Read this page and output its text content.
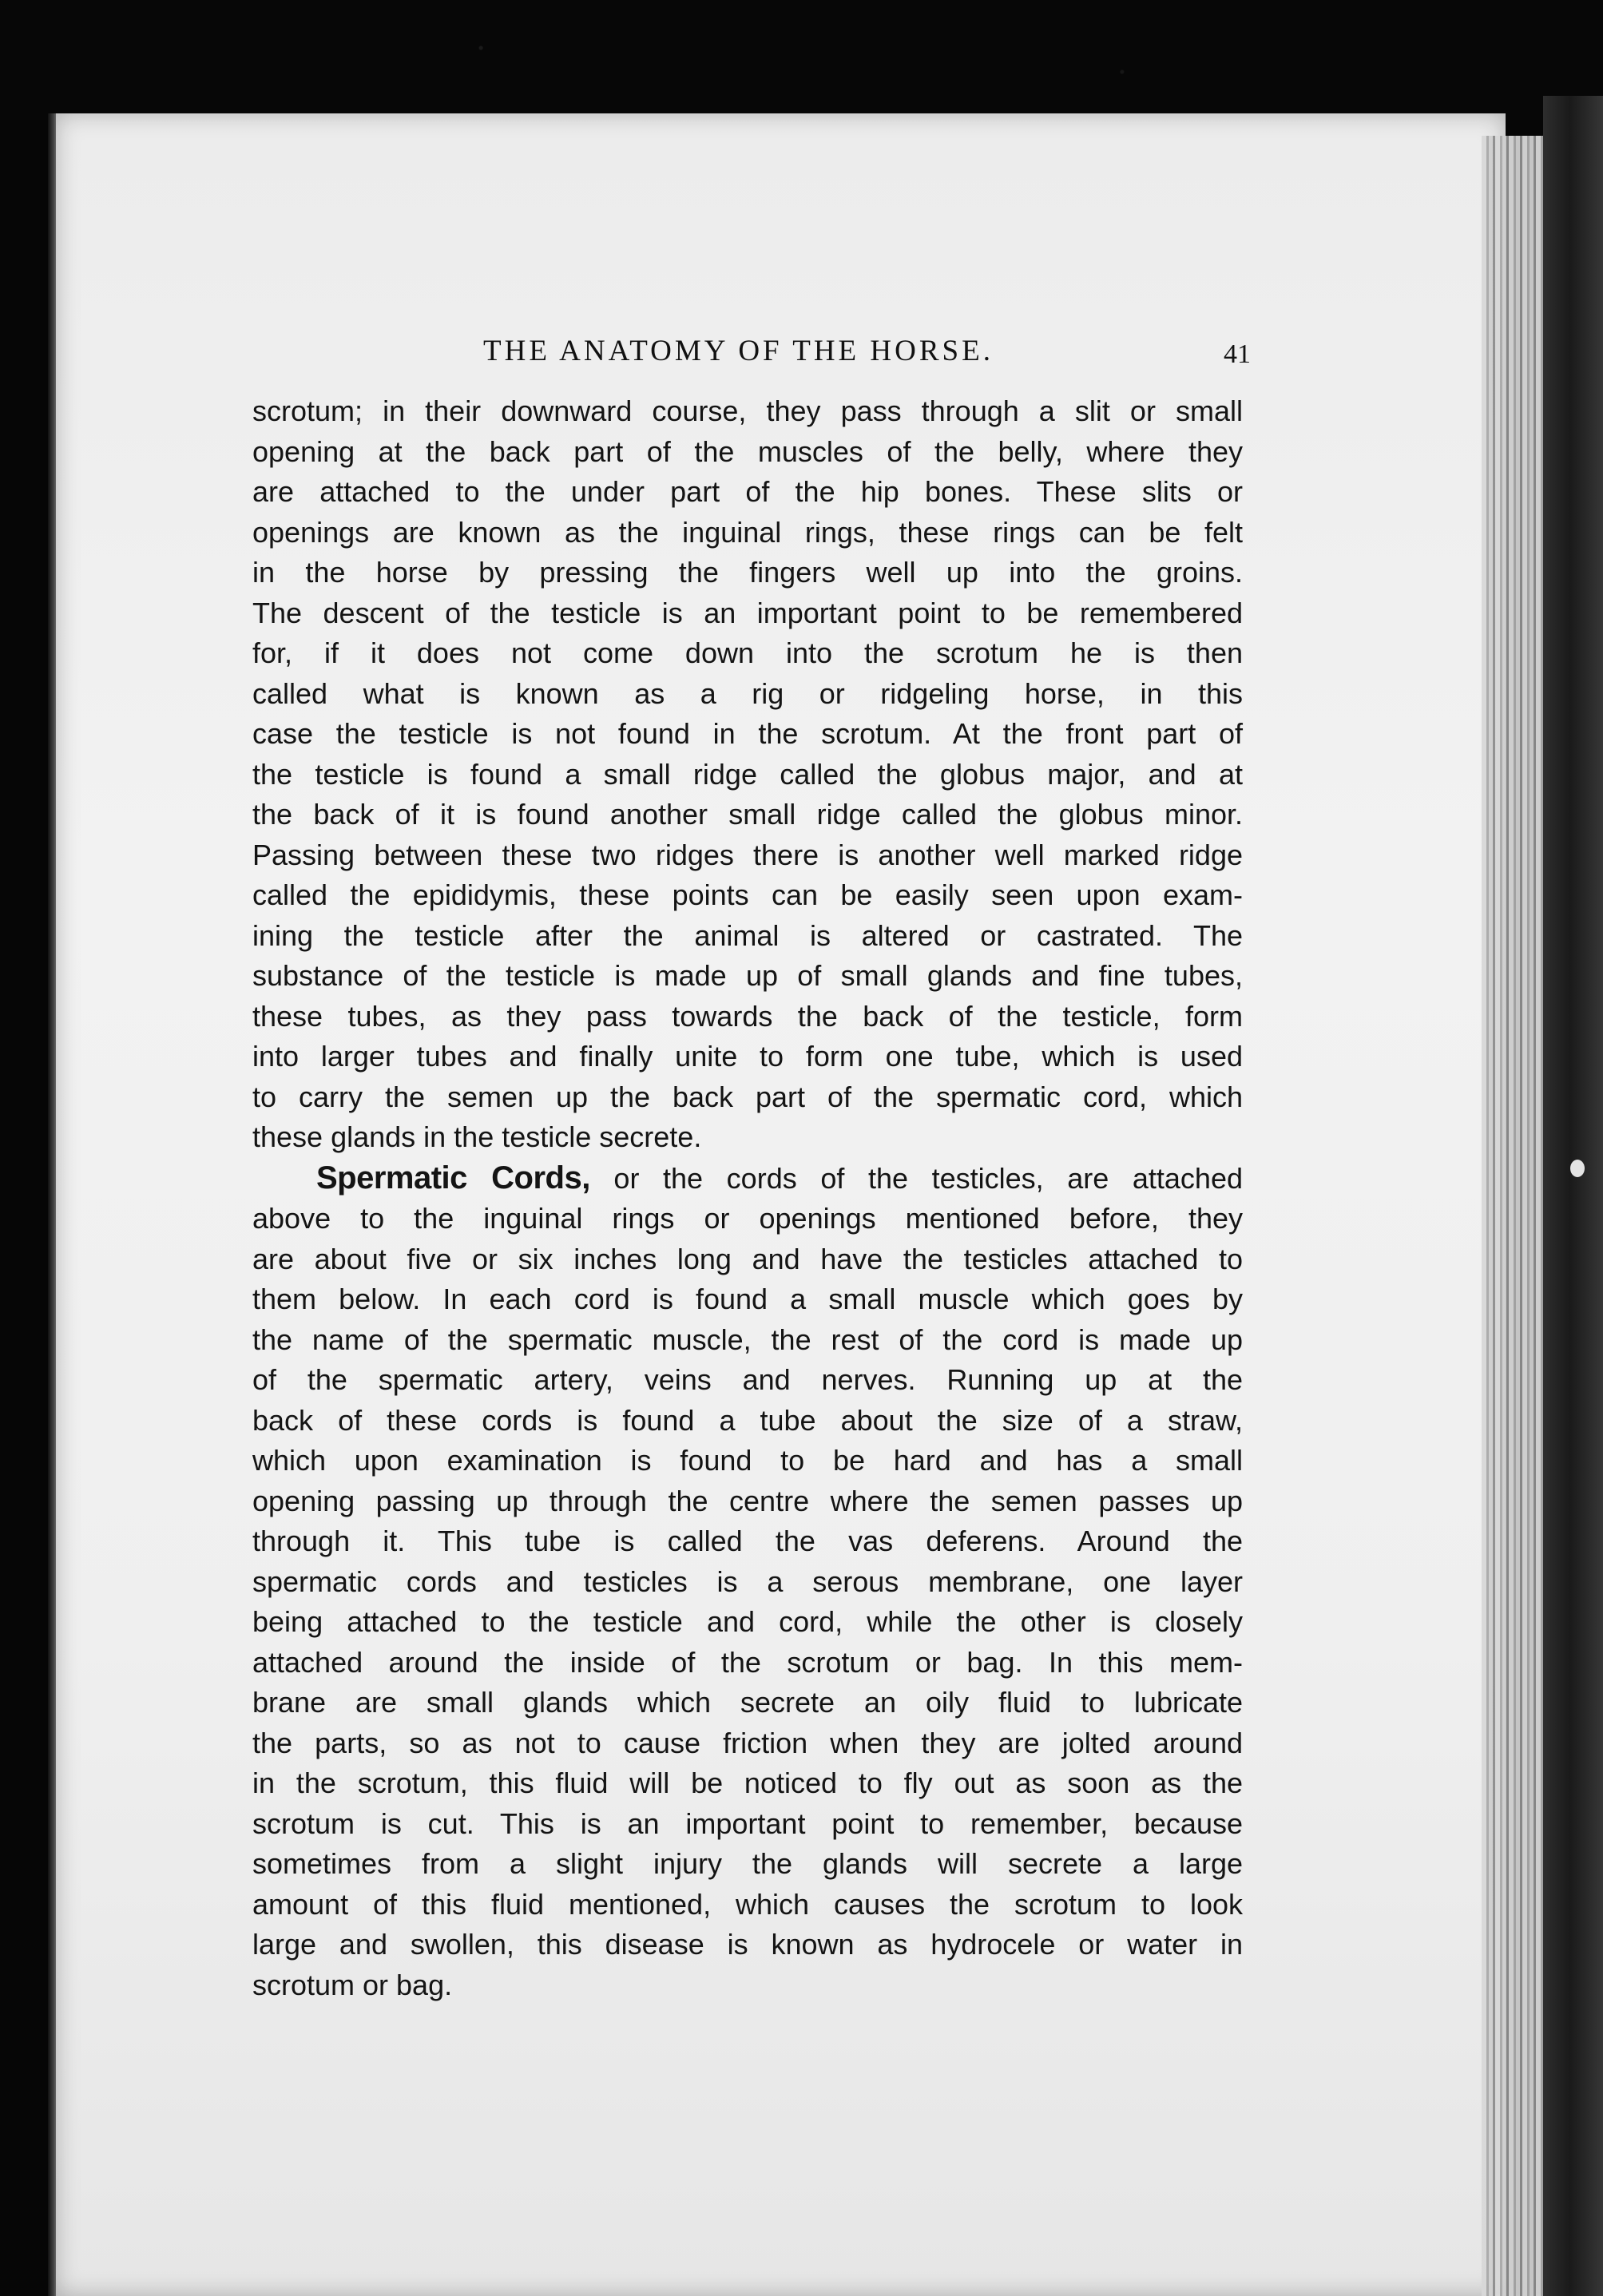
THE ANATOMY OF THE HORSE.	41
scrotum; in their downward course, they pass through a slit or small
opening at the back part of the muscles of the belly, where they
are attached to the under part of the hip bones. These slits or
openings are known as the inguinal rings, these rings can be felt
in the horse by pressing the fingers well up into the groins.
The descent of the testicle is an important point to be remembered
for, if it does not come down into the scrotum he is then
called what is known as a rig or ridgeling horse, in this
case the testicle is not found in the scrotum. At the front part of
the testicle is found a small ridge called the globus major, and at
the back of it is found another small ridge called the globus minor.
Passing between these two ridges there is another well marked ridge
called the epididymis, these points can be easily seen upon exam-
ining the testicle after the animal is altered or castrated. The
substance of the testicle is made up of small glands and fine tubes,
these tubes, as they pass towards the back of the testicle, form
into larger tubes and finally unite to form one tube, which is used
to carry the semen up the back part of the spermatic cord, which
these glands in the testicle secrete.
Spermatic Cords, or the cords of the testicles, are attached
above to the inguinal rings or openings mentioned before, they
are about five or six inches long and have the testicles attached to
them below. In each cord is found a small muscle which goes by
the name of the spermatic muscle, the rest of the cord is made up
of the spermatic artery, veins and nerves. Running up at the
back of these cords is found a tube about the size of a straw,
which upon examination is found to be hard and has a small
opening passing up through the centre where the semen passes up
through it. This tube is called the vas deferens. Around the
spermatic cords and testicles is a serous membrane, one layer
being attached to the testicle and cord, while the other is closely
attached around the inside of the scrotum or bag. In this mem-
brane are small glands which secrete an oily fluid to lubricate
the parts, so as not to cause friction when they are jolted around
in the scrotum, this fluid will be noticed to fly out as soon as the
scrotum is cut. This is an important point to remember, because
sometimes from a slight injury the glands will secrete a large
amount of this fluid mentioned, which causes the scrotum to look
large and swollen, this disease is known as hydrocele or water in
scrotum or bag.
